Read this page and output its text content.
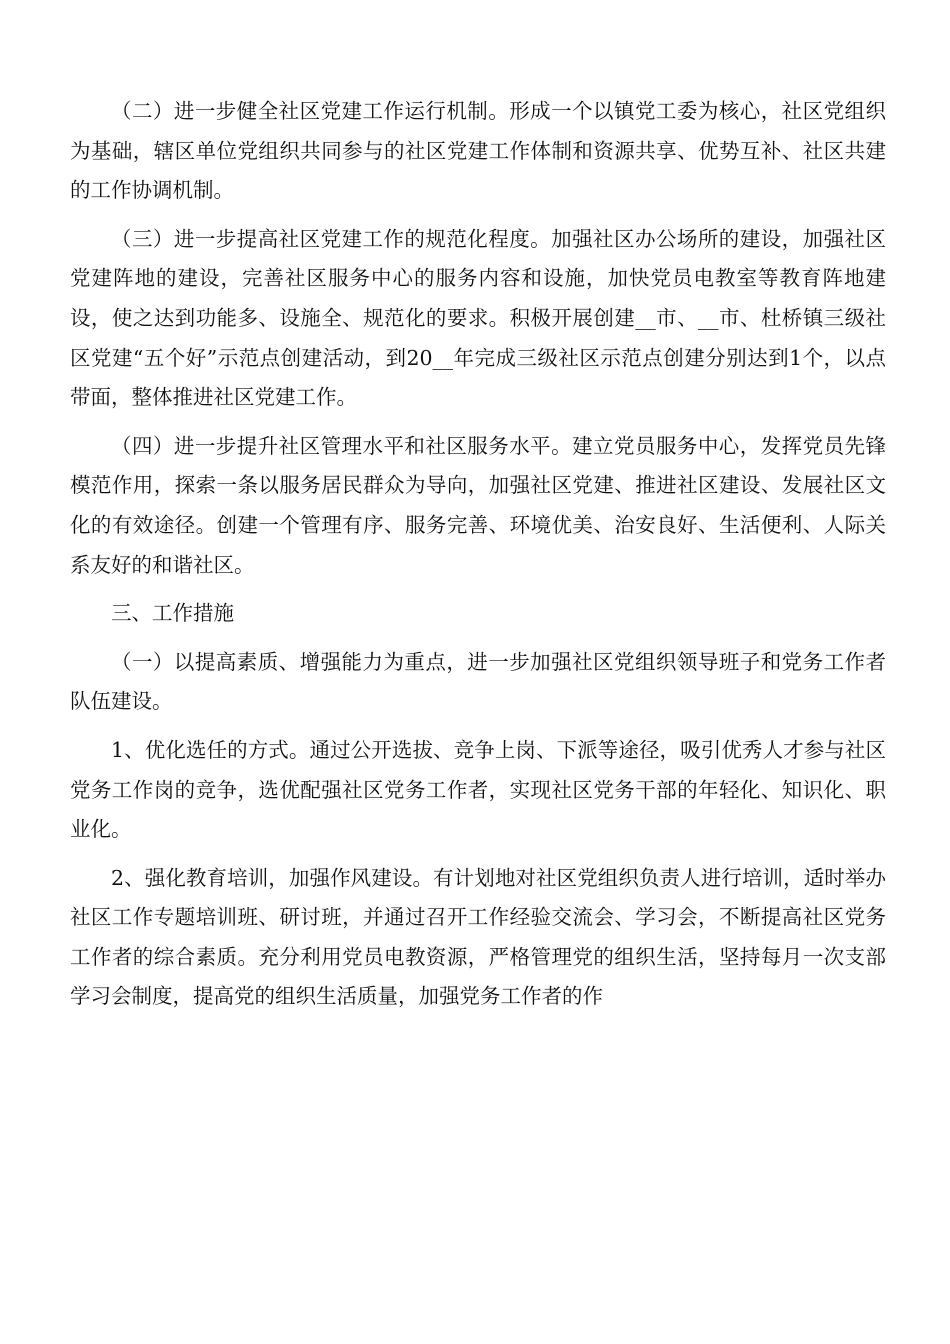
（二）进一步健全社区党建工作运行机制。形成一个以镇党工委为核心，社区党组织为基础，辖区单位党组织共同参与的社区党建工作体制和资源共享、优势互补、社区共建的工作协调机制。

（三）进一步提高社区党建工作的规范化程度。加强社区办公场所的建设，加强社区党建阵地的建设，完善社区服务中心的服务内容和设施，加快党员电教室等教育阵地建设，使之达到功能多、设施全、规范化的要求。积极开展创建__市、__市、杜桥镇三级社区党建“五个好”示范点创建活动，到20__年完成三级社区示范点创建分别达到1个，以点带面，整体推进社区党建工作。

（四）进一步提升社区管理水平和社区服务水平。建立党员服务中心，发挥党员先锋模范作用，探索一条以服务居民群众为导向，加强社区党建、推进社区建设、发展社区文化的有效途径。创建一个管理有序、服务完善、环境优美、治安良好、生活便利、人际关系友好的和谐社区。

三、工作措施

（一）以提高素质、增强能力为重点，进一步加强社区党组织领导班子和党务工作者队伍建设。

1、优化选任的方式。通过公开选拔、竞争上岗、下派等途径，吸引优秀人才参与社区党务工作岗的竞争，选优配强社区党务工作者，实现社区党务干部的年轻化、知识化、职业化。

2、强化教育培训，加强作风建设。有计划地对社区党组织负责人进行培训，适时举办社区工作专题培训班、研讨班，并通过召开工作经验交流会、学习会，不断提高社区党务工作者的综合素质。充分利用党员电教资源，严格管理党的组织生活，坚持每月一次支部学习会制度，提高党的组织生活质量，加强党务工作者的作
